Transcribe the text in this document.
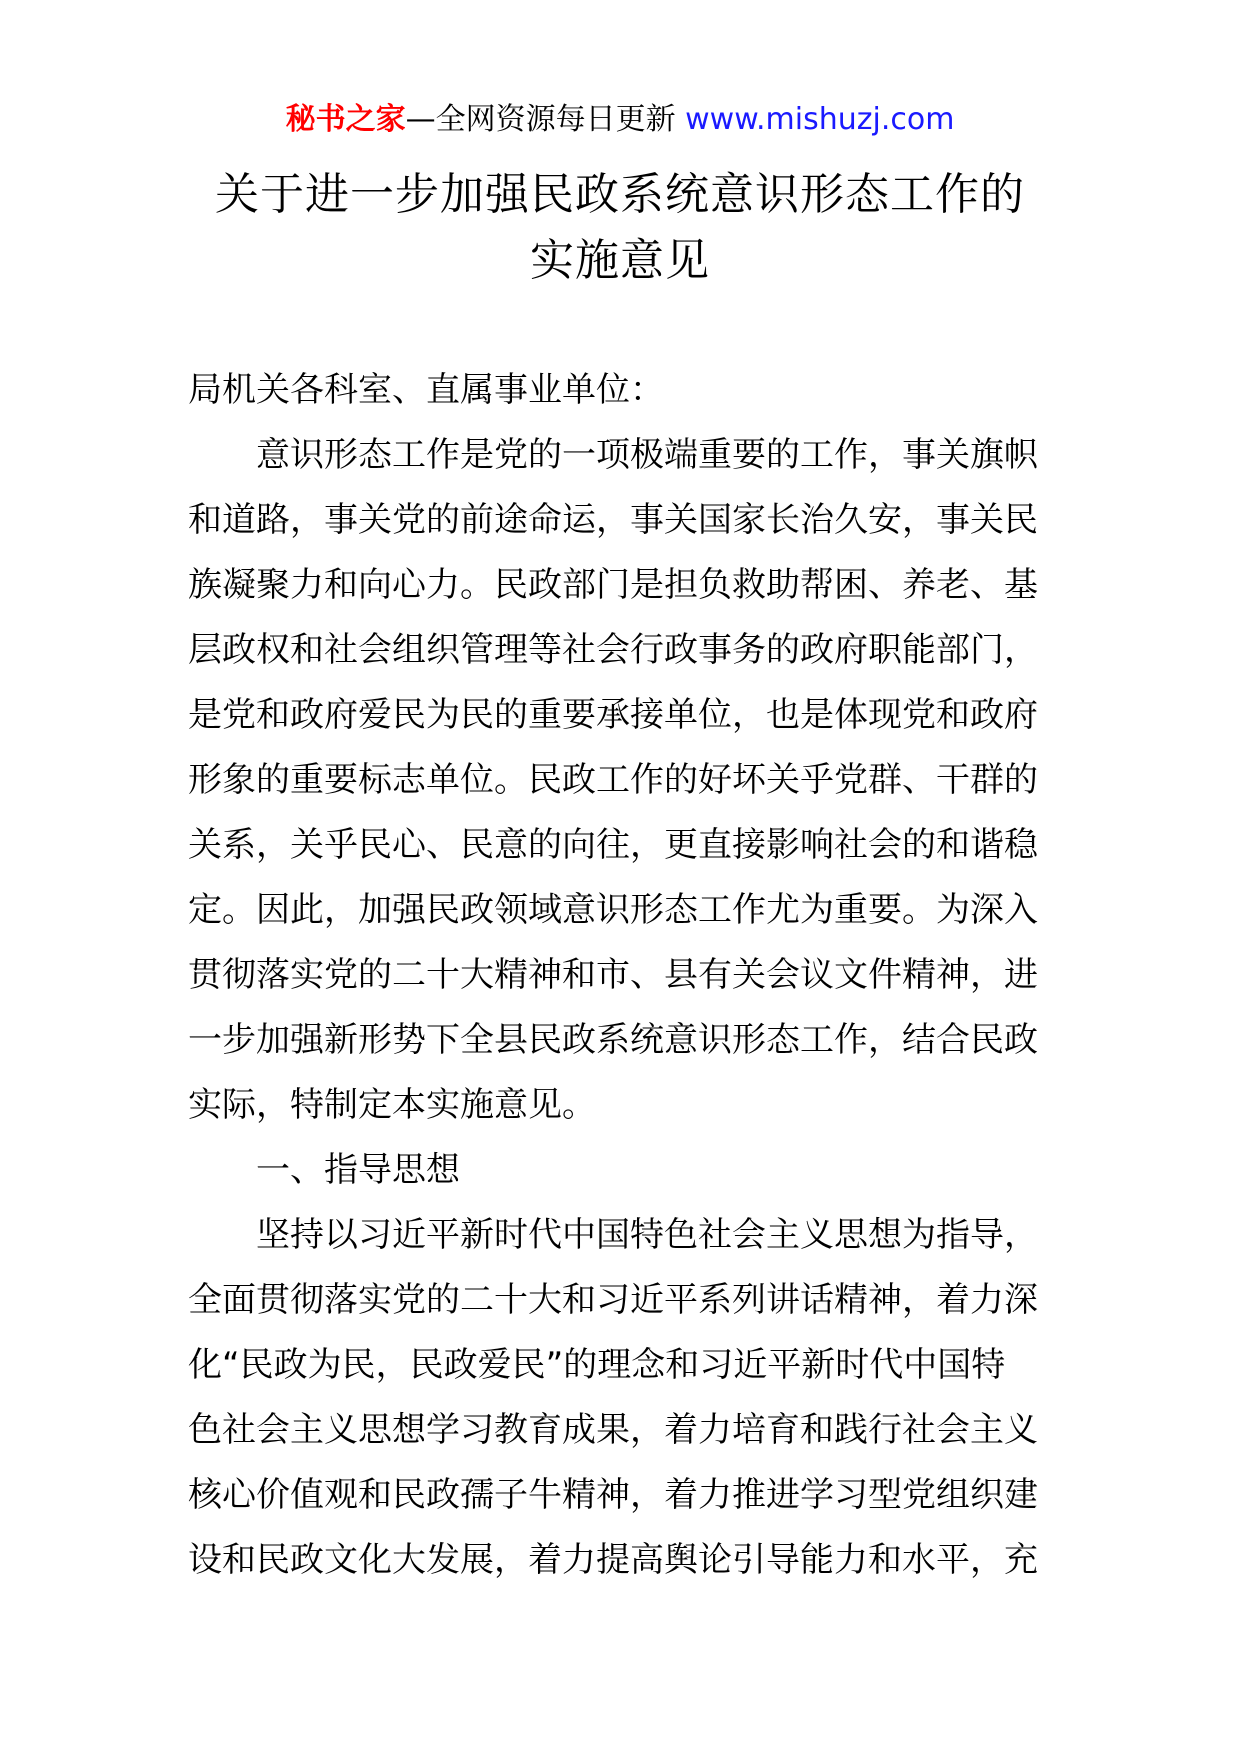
秘书之家—全网资源每日更新 www.mishuzj.com
关于进一步加强民政系统意识形态工作的
实施意见
局机关各科室、直属事业单位：
意识形态工作是党的一项极端重要的工作，事关旗帜
和道路，事关党的前途命运，事关国家长治久安，事关民
族凝聚力和向心力。民政部门是担负救助帮困、养老、基
层政权和社会组织管理等社会行政事务的政府职能部门，
是党和政府爱民为民的重要承接单位，也是体现党和政府
形象的重要标志单位。民政工作的好坏关乎党群、干群的
关系，关乎民心、民意的向往，更直接影响社会的和谐稳
定。因此，加强民政领域意识形态工作尤为重要。为深入
贯彻落实党的二十大精神和市、县有关会议文件精神，进
一步加强新形势下全县民政系统意识形态工作，结合民政
实际，特制定本实施意见。
一、指导思想
坚持以习近平新时代中国特色社会主义思想为指导，
全面贯彻落实党的二十大和习近平系列讲话精神，着力深
化“民政为民，民政爱民”的理念和习近平新时代中国特
色社会主义思想学习教育成果，着力培育和践行社会主义
核心价值观和民政孺子牛精神，着力推进学习型党组织建
设和民政文化大发展，着力提高舆论引导能力和水平，充
